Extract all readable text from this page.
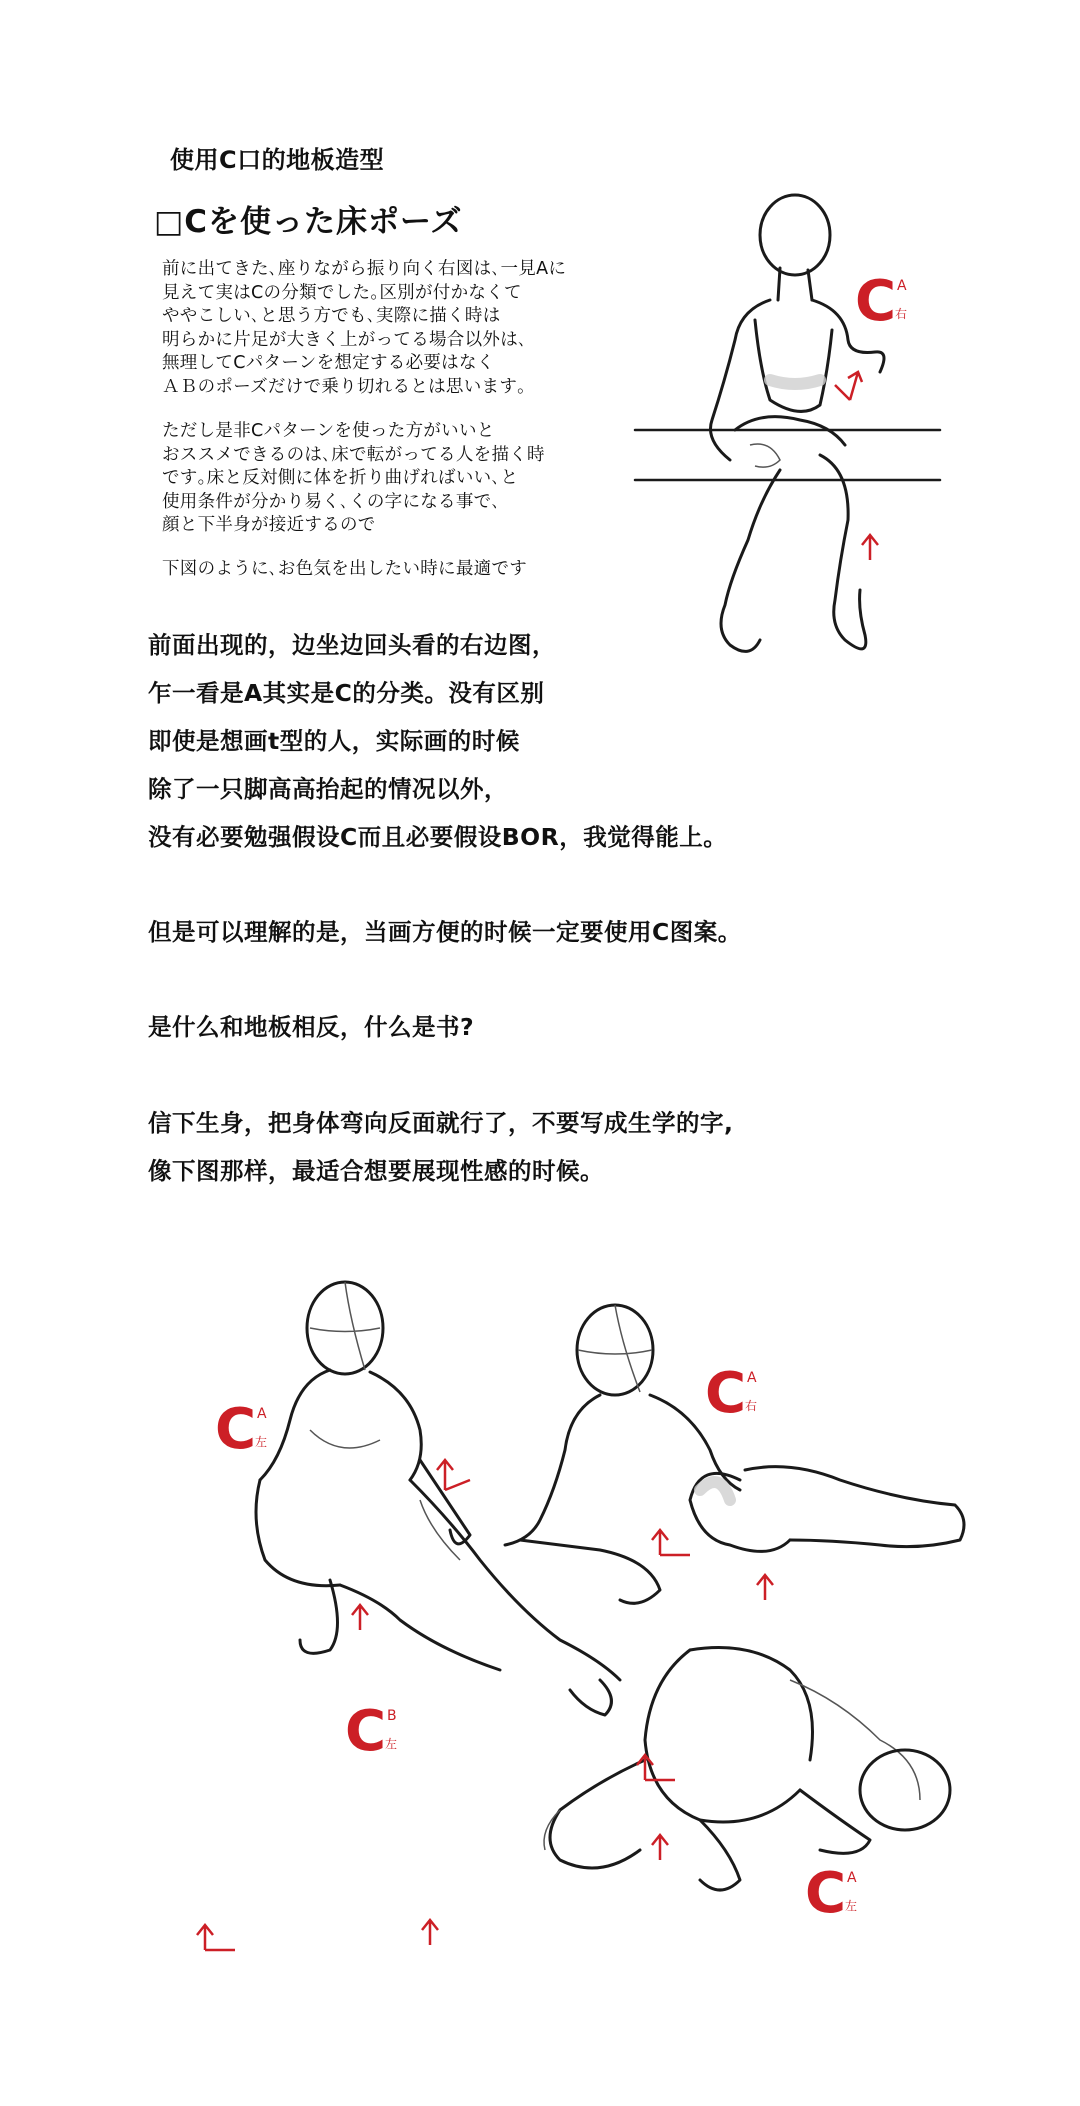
使用C口的地板造型
□Cを使った床ポーズ
前に出てきた､座りながら振り向く右図は､一見Aに
見えて実はCの分類でした｡区別が付かなくて
ややこしい､と思う方でも､実際に描く時は
明らかに片足が大きく上がってる場合以外は､
無理してCパターンを想定する必要はなく
ＡＢのポーズだけで乗り切れるとは思います｡
ただし是非Cパターンを使った方がいいと
おススメできるのは､床で転がってる人を描く時
です｡床と反対側に体を折り曲げればいい､と
使用条件が分かり易く､くの字になる事で､
顔と下半身が接近するので
下図のように､お色気を出したい時に最適です
前面出现的，边坐边回头看的右边图，
乍一看是A其实是C的分类。没有区别
即使是想画t型的人，实际画的时候
除了一只脚高高抬起的情况以外，
没有必要勉强假设C而且必要假设BOR，我觉得能上。
但是可以理解的是，当画方便的时候一定要使用C图案。
是什么和地板相反，什么是书?
信下生身，把身体弯向反面就行了，不要写成生学的字,
像下图那样，最适合想要展现性感的时候。
C A
右
C A
左
C A
右
C B
左
C A
左
